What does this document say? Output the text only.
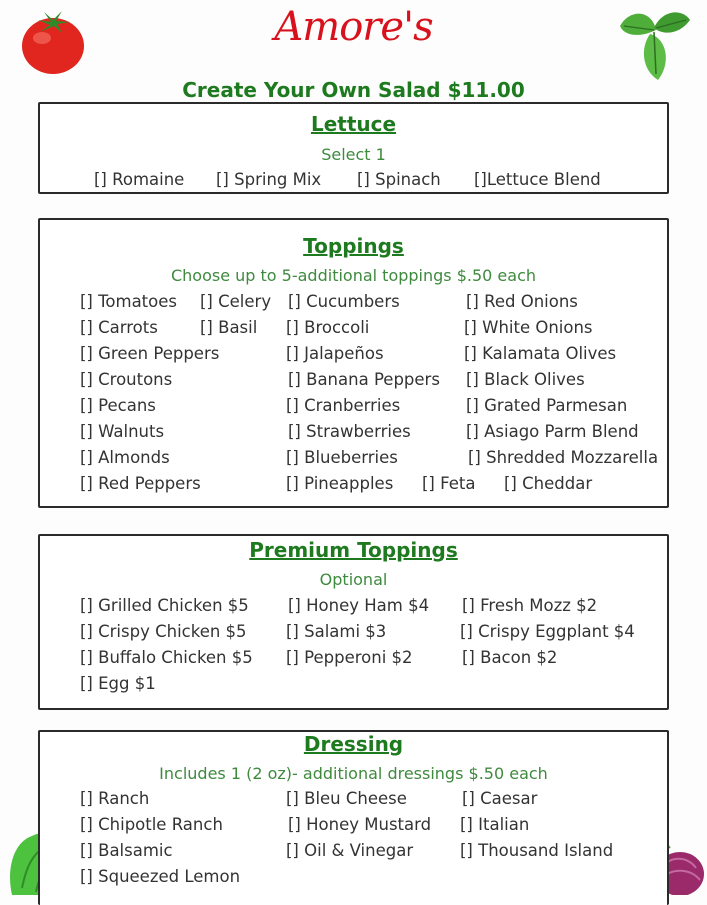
Amore's
Create Your Own Salad $11.00
Lettuce
Select 1
[] Romaine [] Spring Mix [] Spinach []Lettuce Blend
Toppings
Choose up to 5-additional toppings $.50 each
[] Tomatoes [] Celery [] Cucumbers	[] Red Onions
[] Carrots	[] Basil [] Broccoli	[] White Onions
[] Green Peppers	[] Jalapeños	[] Kalamata Olives
[] Croutons	[] Banana Peppers [] Black Olives
[] Pecans	[] Cranberries	[] Grated Parmesan
[] Walnuts	[] Strawberries	[] Asiago Parm Blend
[] Almonds	[] Blueberries	[] Shredded Mozzarella
[] Red Peppers	[] Pineapples [] Feta [] Cheddar
Premium Toppings
Optional
[] Grilled Chicken $5 [] Honey Ham $4 [] Fresh Mozz $2
[] Crispy Chicken $5 [] Salami $3	[] Crispy Eggplant $4
[] Buffalo Chicken $5 [] Pepperoni $2	[] Bacon $2
[] Egg $1
Dressing
Includes 1 (2 oz)- additional dressings $.50 each
[] Ranch	[] Bleu Cheese	[] Caesar
[] Chipotle Ranch	[] Honey Mustard [] Italian
[] Balsamic	[] Oil & Vinegar	[] Thousand Island
[] Squeezed Lemon
